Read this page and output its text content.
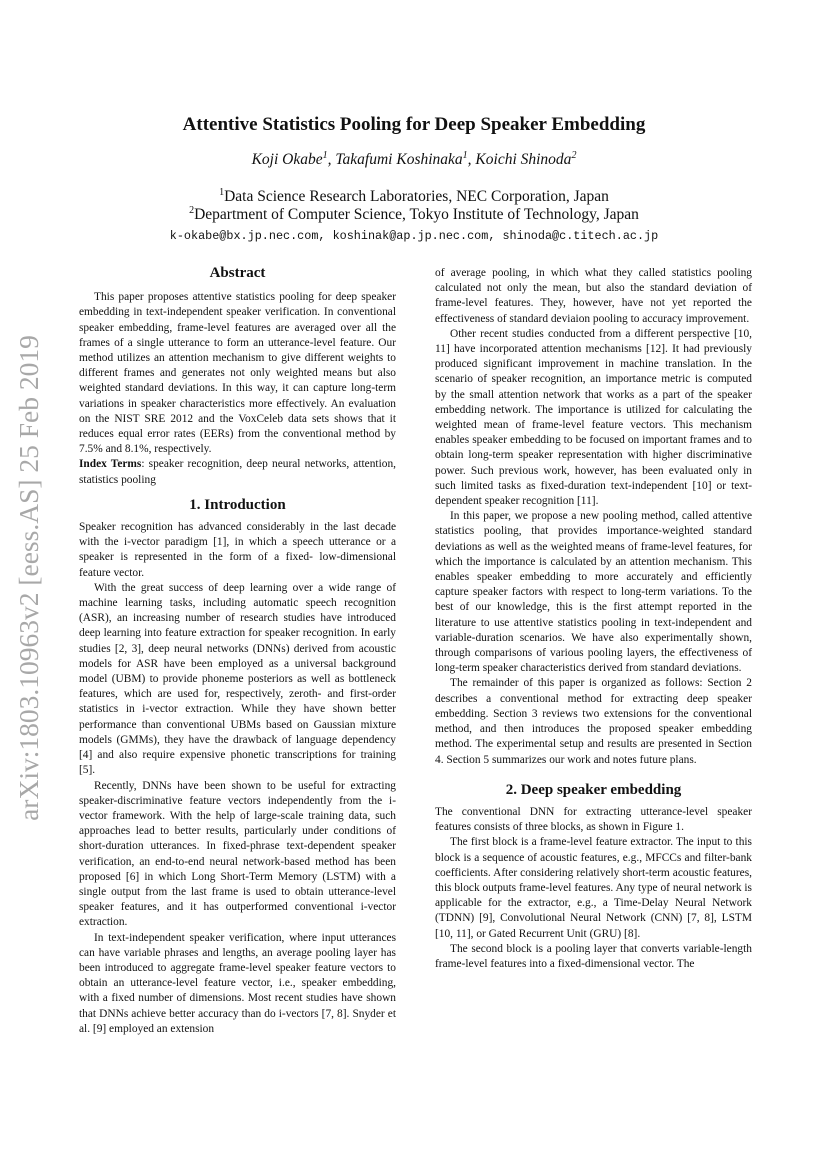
arXiv:1803.10963v2 [eess.AS] 25 Feb 2019
Attentive Statistics Pooling for Deep Speaker Embedding
Koji Okabe$^1$, Takafumi Koshinaka$^1$, Koichi Shinoda$^2$
$^1$Data Science Research Laboratories, NEC Corporation, Japan
$^2$Department of Computer Science, Tokyo Institute of Technology, Japan
k-okabe@bx.jp.nec.com, koshinak@ap.jp.nec.com, shinoda@c.titech.ac.jp
Abstract

This paper proposes attentive statistics pooling for deep speaker embedding in text-independent speaker verification. In conventional speaker embedding, frame-level features are averaged over all the frames of a single utterance to form an utterance-level feature. Our method utilizes an attention mechanism to give different weights to different frames and generates not only weighted means but also weighted standard deviations. In this way, it can capture long-term variations in speaker characteristics more effectively. An evaluation on the NIST SRE 2012 and the VoxCeleb data sets shows that it reduces equal error rates (EERs) from the conventional method by 7.5% and 8.1%, respectively.

Index Terms: speaker recognition, deep neural networks, attention, statistics pooling

1. Introduction

Speaker recognition has advanced considerably in the last decade with the i-vector paradigm [1], in which a speech utterance or a speaker is represented in the form of a fixed- low-dimensional feature vector.

With the great success of deep learning over a wide range of machine learning tasks, including automatic speech recognition (ASR), an increasing number of research studies have introduced deep learning into feature extraction for speaker recognition. In early studies [2, 3], deep neural networks (DNNs) derived from acoustic models for ASR have been employed as a universal background model (UBM) to provide phoneme posteriors as well as bottleneck features, which are used for, respectively, zeroth- and first-order statistics in i-vector extraction. While they have shown better performance than conventional UBMs based on Gaussian mixture models (GMMs), they have the drawback of language dependency [4] and also require expensive phonetic transcriptions for training [5].

Recently, DNNs have been shown to be useful for extracting speaker-discriminative feature vectors independently from the i-vector framework. With the help of large-scale training data, such approaches lead to better results, particularly under conditions of short-duration utterances. In fixed-phrase text-dependent speaker verification, an end-to-end neural network-based method has been proposed [6] in which Long Short-Term Memory (LSTM) with a single output from the last frame is used to obtain utterance-level speaker features, and it has outperformed conventional i-vector extraction.

In text-independent speaker verification, where input utterances can have variable phrases and lengths, an average pooling layer has been introduced to aggregate frame-level speaker feature vectors to obtain an utterance-level feature vector, i.e., speaker embedding, with a fixed number of dimensions. Most recent studies have shown that DNNs achieve better accuracy than do i-vectors [7, 8]. Snyder et al. [9] employed an extension

of average pooling, in which what they called statistics pooling calculated not only the mean, but also the standard deviation of frame-level features. They, however, have not yet reported the effectiveness of standard deviaion pooling to accuracy improvement.

Other recent studies conducted from a different perspective [10, 11] have incorporated attention mechanisms [12]. It had previously produced significant improvement in machine translation. In the scenario of speaker recognition, an importance metric is computed by the small attention network that works as a part of the speaker embedding network. The importance is utilized for calculating the weighted mean of frame-level feature vectors. This mechanism enables speaker embedding to be focused on important frames and to obtain long-term speaker representation with higher discriminative power. Such previous work, however, has been evaluated only in such limited tasks as fixed-duration text-independent [10] or text-dependent speaker recognition [11].

In this paper, we propose a new pooling method, called attentive statistics pooling, that provides importance-weighted standard deviations as well as the weighted means of frame-level features, for which the importance is calculated by an attention mechanism. This enables speaker embedding to more accurately and efficiently capture speaker factors with respect to long-term variations. To the best of our knowledge, this is the first attempt reported in the literature to use attentive statistics pooling in text-independent and variable-duration scenarios. We have also experimentally shown, through comparisons of various pooling layers, the effectiveness of long-term speaker characteristics derived from standard deviations.

The remainder of this paper is organized as follows: Section 2 describes a conventional method for extracting deep speaker embedding. Section 3 reviews two extensions for the conventional method, and then introduces the proposed speaker embedding method. The experimental setup and results are presented in Section 4. Section 5 summarizes our work and notes future plans.

2. Deep speaker embedding

The conventional DNN for extracting utterance-level speaker features consists of three blocks, as shown in Figure 1.

The first block is a frame-level feature extractor. The input to this block is a sequence of acoustic features, e.g., MFCCs and filter-bank coefficients. After considering relatively short-term acoustic features, this block outputs frame-level features. Any type of neural network is applicable for the extractor, e.g., a Time-Delay Neural Network (TDNN) [9], Convolutional Neural Network (CNN) [7, 8], LSTM [10, 11], or Gated Recurrent Unit (GRU) [8].

The second block is a pooling layer that converts variable-length frame-level features into a fixed-dimensional vector. The
